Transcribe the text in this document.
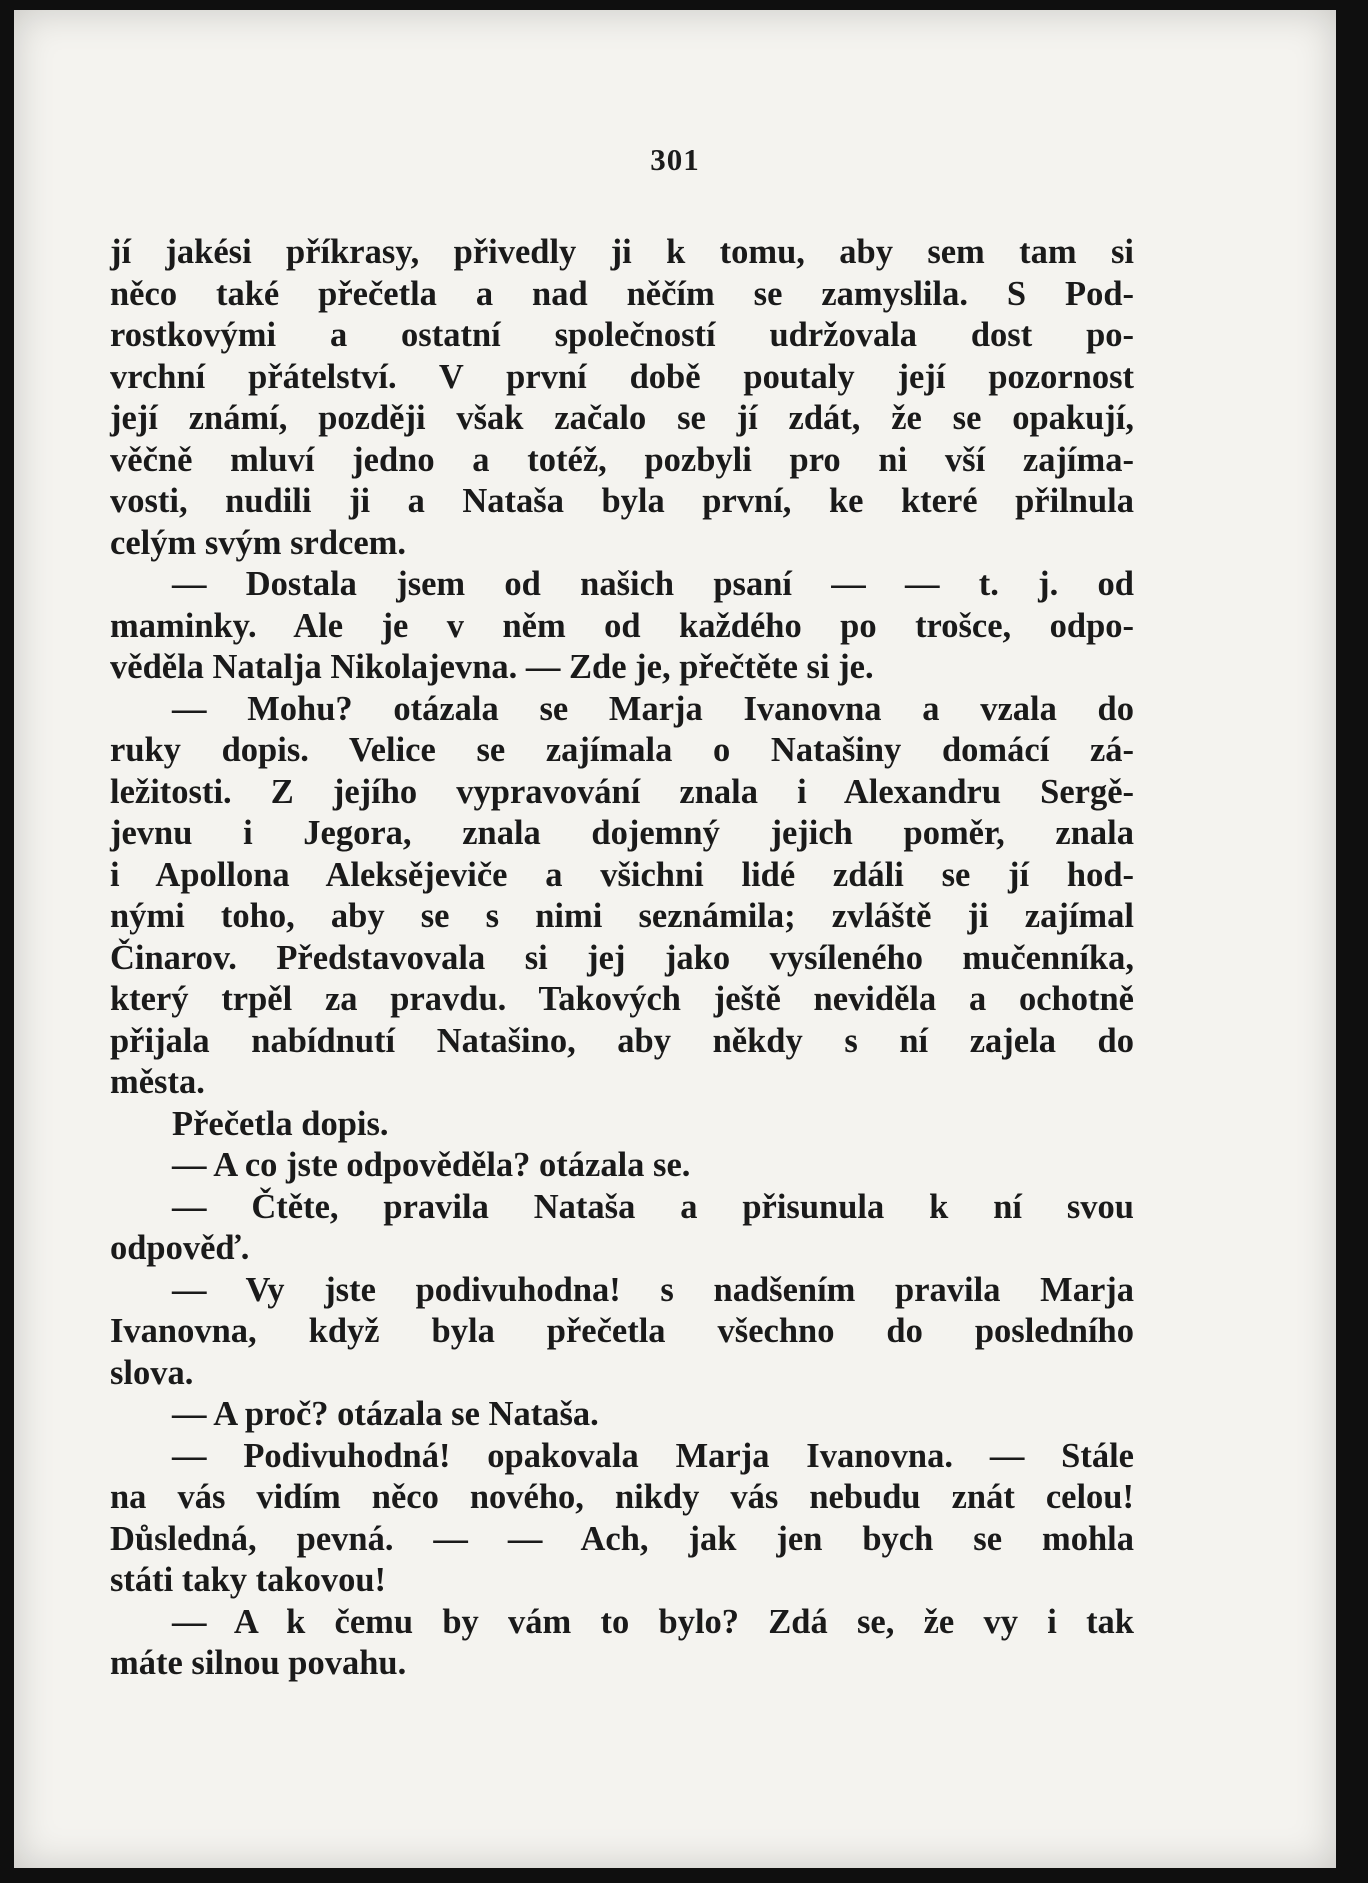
301
jí jakési příkrasy, přivedly ji k tomu, aby sem tam si
něco také přečetla a nad něčím se zamyslila. S Pod-
rostkovými a ostatní společností udržovala dost po-
vrchní přátelství. V první době poutaly její pozornost
její známí, později však začalo se jí zdát, že se opakují,
věčně mluví jedno a totéž, pozbyli pro ni vší zajíma-
vosti, nudili ji a Nataša byla první, ke které přilnula
celým svým srdcem.
— Dostala jsem od našich psaní — — t. j. od
maminky. Ale je v něm od každého po trošce, odpo-
věděla Natalja Nikolajevna. — Zde je, přečtěte si je.
— Mohu? otázala se Marja Ivanovna a vzala do
ruky dopis. Velice se zajímala o Natašiny domácí zá-
ležitosti. Z jejího vypravování znala i Alexandru Sergě-
jevnu i Jegora, znala dojemný jejich poměr, znala
i Apollona Aleksějeviče a všichni lidé zdáli se jí hod-
nými toho, aby se s nimi seznámila; zvláště ji zajímal
Činarov. Představovala si jej jako vysíleného mučenníka,
který trpěl za pravdu. Takových ještě neviděla a ochotně
přijala nabídnutí Natašino, aby někdy s ní zajela do
města.
Přečetla dopis.
— A co jste odpověděla? otázala se.
— Čtěte, pravila Nataša a přisunula k ní svou
odpověď.
— Vy jste podivuhodna! s nadšením pravila Marja
Ivanovna, když byla přečetla všechno do posledního
slova.
— A proč? otázala se Nataša.
— Podivuhodná! opakovala Marja Ivanovna. — Stále
na vás vidím něco nového, nikdy vás nebudu znát celou!
Důsledná, pevná. — — Ach, jak jen bych se mohla
státi taky takovou!
— A k čemu by vám to bylo? Zdá se, že vy i tak
máte silnou povahu.
